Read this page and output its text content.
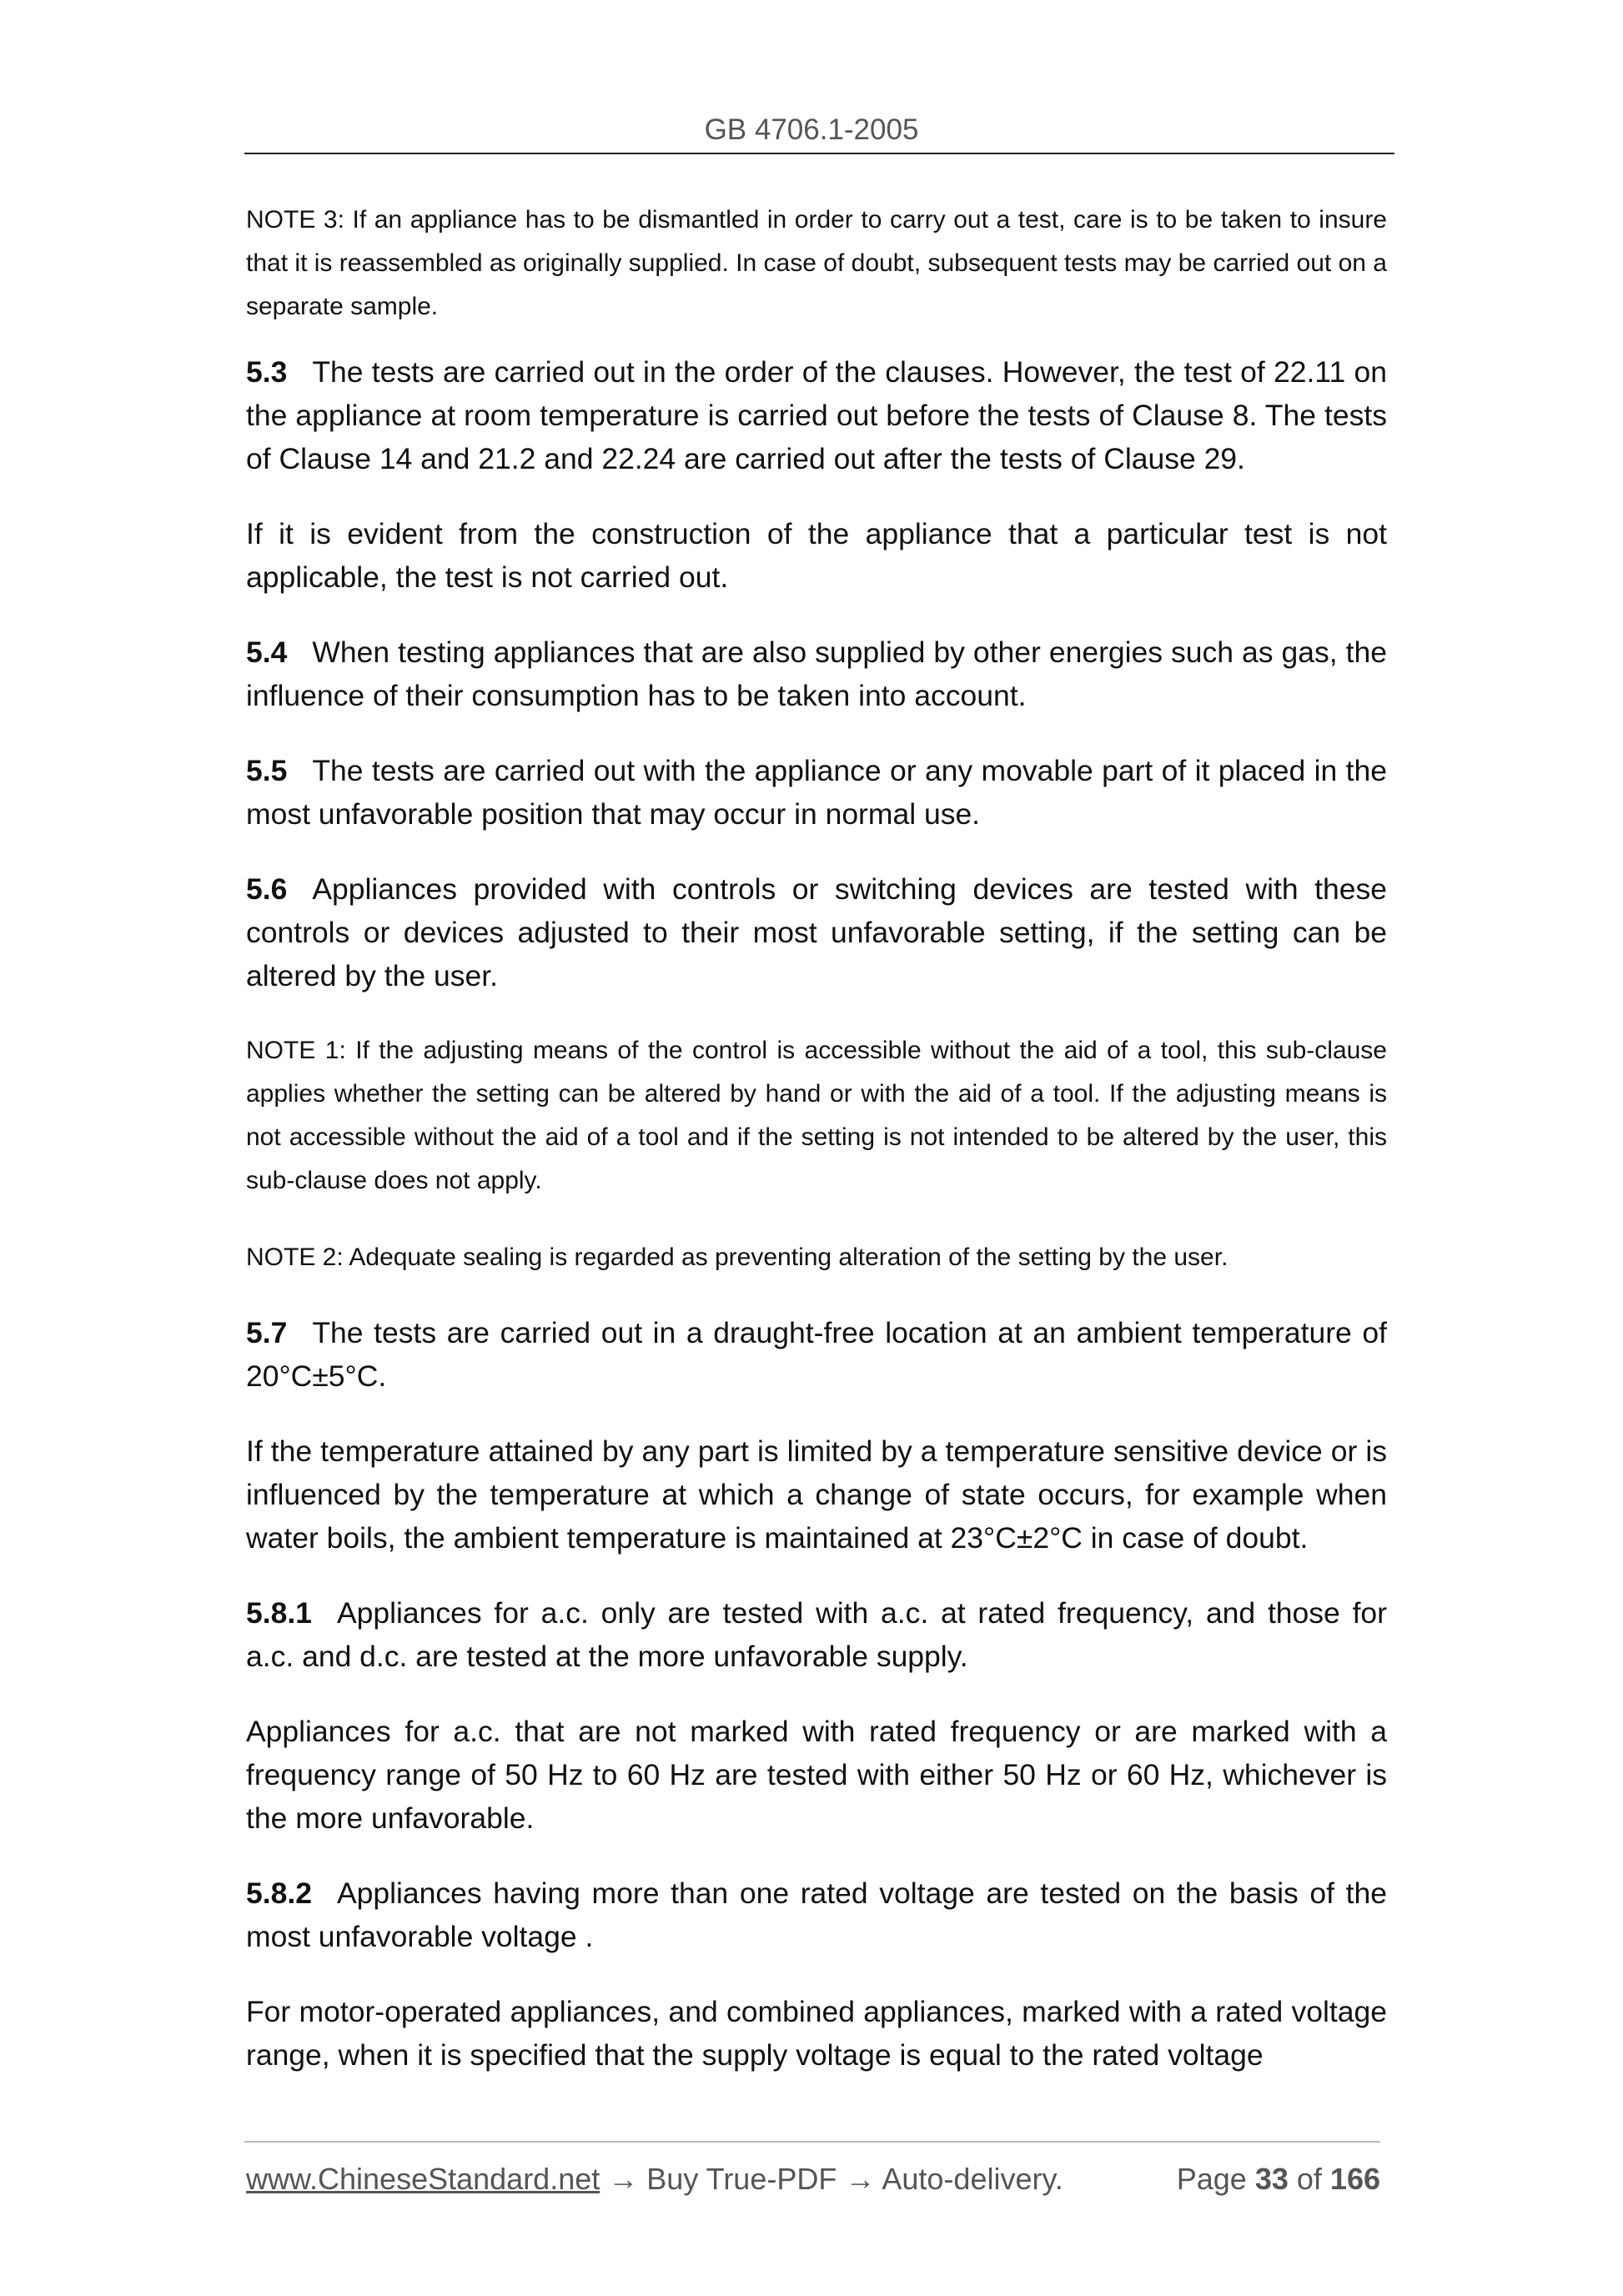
GB 4706.1-2005

NOTE 3: If an appliance has to be dismantled in order to carry out a test, care is to be taken to insure that it is reassembled as originally supplied. In case of doubt, subsequent tests may be carried out on a separate sample.

5.3 The tests are carried out in the order of the clauses. However, the test of 22.11 on the appliance at room temperature is carried out before the tests of Clause 8. The tests of Clause 14 and 21.2 and 22.24 are carried out after the tests of Clause 29.

If it is evident from the construction of the appliance that a particular test is not applicable, the test is not carried out.

5.4 When testing appliances that are also supplied by other energies such as gas, the influence of their consumption has to be taken into account.

5.5 The tests are carried out with the appliance or any movable part of it placed in the most unfavorable position that may occur in normal use.

5.6 Appliances provided with controls or switching devices are tested with these controls or devices adjusted to their most unfavorable setting, if the setting can be altered by the user.

NOTE 1: If the adjusting means of the control is accessible without the aid of a tool, this sub-clause applies whether the setting can be altered by hand or with the aid of a tool. If the adjusting means is not accessible without the aid of a tool and if the setting is not intended to be altered by the user, this sub-clause does not apply.

NOTE 2: Adequate sealing is regarded as preventing alteration of the setting by the user.

5.7 The tests are carried out in a draught-free location at an ambient temperature of 20°C±5°C.

If the temperature attained by any part is limited by a temperature sensitive device or is influenced by the temperature at which a change of state occurs, for example when water boils, the ambient temperature is maintained at 23°C±2°C in case of doubt.

5.8.1 Appliances for a.c. only are tested with a.c. at rated frequency, and those for a.c. and d.c. are tested at the more unfavorable supply.

Appliances for a.c. that are not marked with rated frequency or are marked with a frequency range of 50 Hz to 60 Hz are tested with either 50 Hz or 60 Hz, whichever is the more unfavorable.

5.8.2 Appliances having more than one rated voltage are tested on the basis of the most unfavorable voltage .

For motor-operated appliances, and combined appliances, marked with a rated voltage range, when it is specified that the supply voltage is equal to the rated voltage

www.ChineseStandard.net → Buy True-PDF → Auto-delivery.	Page 33 of 166
